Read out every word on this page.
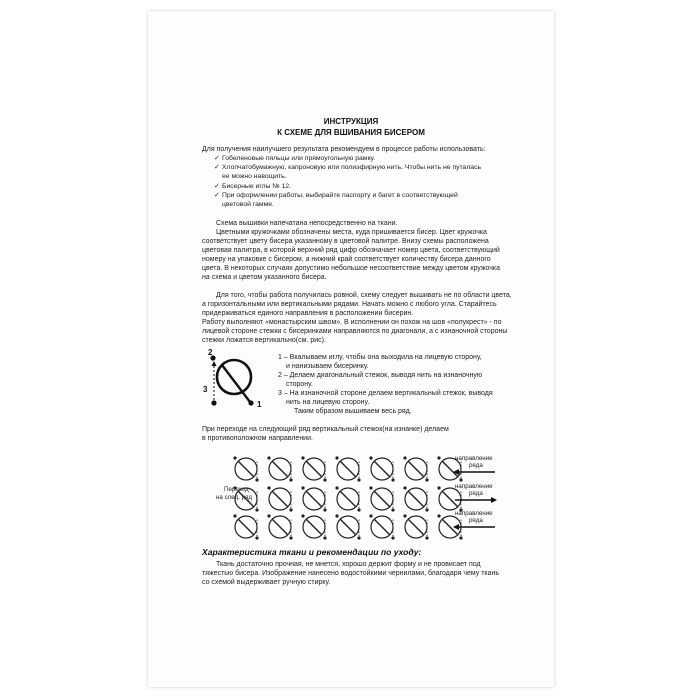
ИНСТРУКЦИЯ
К СХЕМЕ ДЛЯ ВШИВАНИЯ БИСЕРОМ
Для получения наилучшего результата рекомендуем в процессе работы использовать:
✓ Гобеленовые пяльцы или прямоугольную рамку.
✓ Хлопчатобумажную, капроновую или полиэфирную нить. Чтобы нить не путалась
ее можно навощить.
✓ Бисерные иглы № 12.
✓ При оформлении работы, выбирайте паспорту и багет в соответствующей
цветовой гамме.
Схема вышивки напечатана непосредственно на ткани.
Цветными кружочками обозначены места, куда пришивается бисер. Цвет кружочка
соответствует цвету бисера указанному в цветовой палитре. Внизу схемы расположена
цветовая палитра, в которой верхний ряд цифр обозначает номер цвета, соответствующий
номеру на упаковке с бисером, а нижний край соответствует количеству бисера данного
цвета. В некоторых случаях допустимо небольшое несоответствие между цветом кружочка
на схема и цветом указанного бисера.
Для того, чтобы работа получилась ровной, схему следует вышивать не по области цвета,
а горизонтальными или вертикальными рядами. Начать можно с любого угла. Старайтесь
придерживаться единого направления в расположении бисерин.
Работу выполняют «монастырским швом». В исполнении он похож на шов «полукрест» - по
лицевой стороне стежки с бисеринками направляются по диагонали, а с изнаночной стороны
стежки ложатся вертикально(см. рис).
2
3
1
1 – Вкалываем иглу, чтобы она выходила на лицевую сторону,
и нанизываем бисеринку.
2 – Делаем диагональный стежок, выводя нить на изнаночную
сторону.
3 – На изнаночной стороне делаем вертикальный стежок, выводя
нить на лицевую сторону.
Таким образом вышиваем весь ряд.
При переходе на следующий ряд вертикальный стежок(на изнанке) делаем
в противоположном направлении.
Переход
на след. ряд
направление
ряда
направление
ряда
направление
ряда
Характеристика ткани и рекомендации по уходу:
Ткань достаточно прочная, не мнется, хорошо держит форму и не провисает под
тяжестью бисера. Изображение нанесено водостойкими чернилами, благодаря чему ткань
со схемой выдерживает ручную стирку.
